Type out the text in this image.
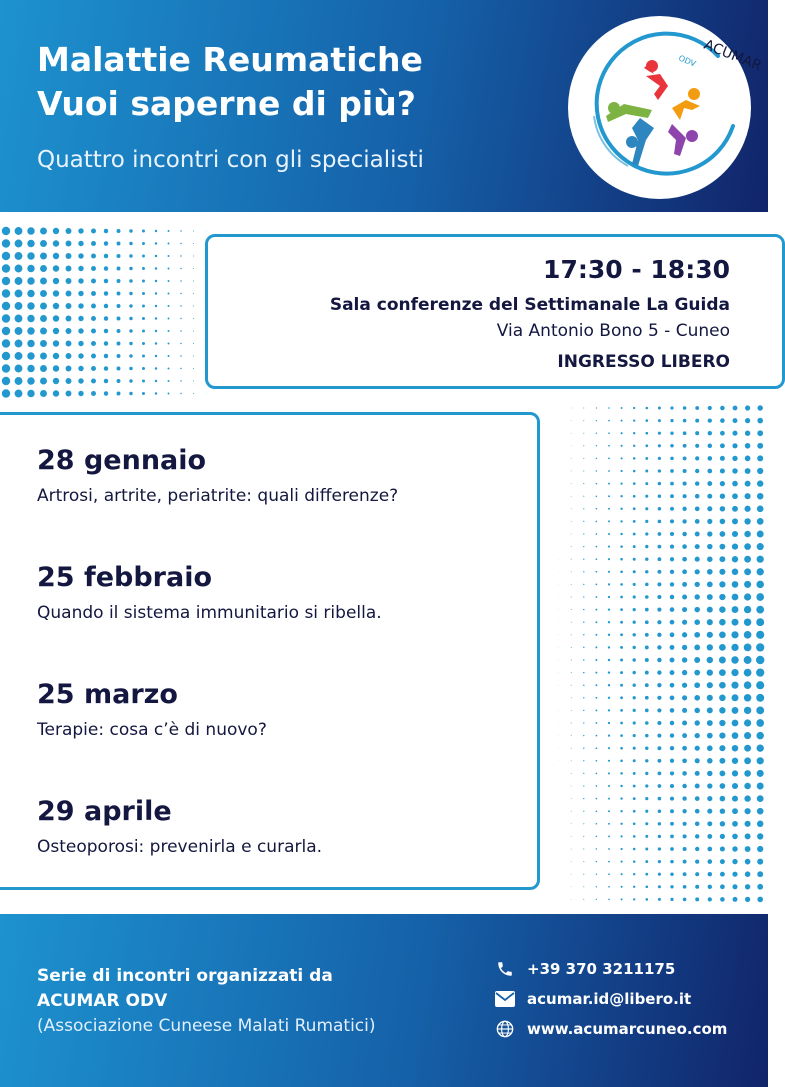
Malattie Reumatiche
Vuoi saperne di più?
Quattro incontri con gli specialisti
ACUMAR
ODV
17:30 - 18:30
Sala conferenze del Settimanale La Guida
Via Antonio Bono 5 - Cuneo
INGRESSO LIBERO
28 gennaio
Artrosi, artrite, periatrite: quali differenze?
25 febbraio
Quando il sistema immunitario si ribella.
25 marzo
Terapie: cosa c’è di nuovo?
29 aprile
Osteoporosi: prevenirla e curarla.
Serie di incontri organizzati da
ACUMAR ODV
(Associazione Cuneese Malati Rumatici)
+39 370 3211175
acumar.id@libero.it
www.acumarcuneo.com
